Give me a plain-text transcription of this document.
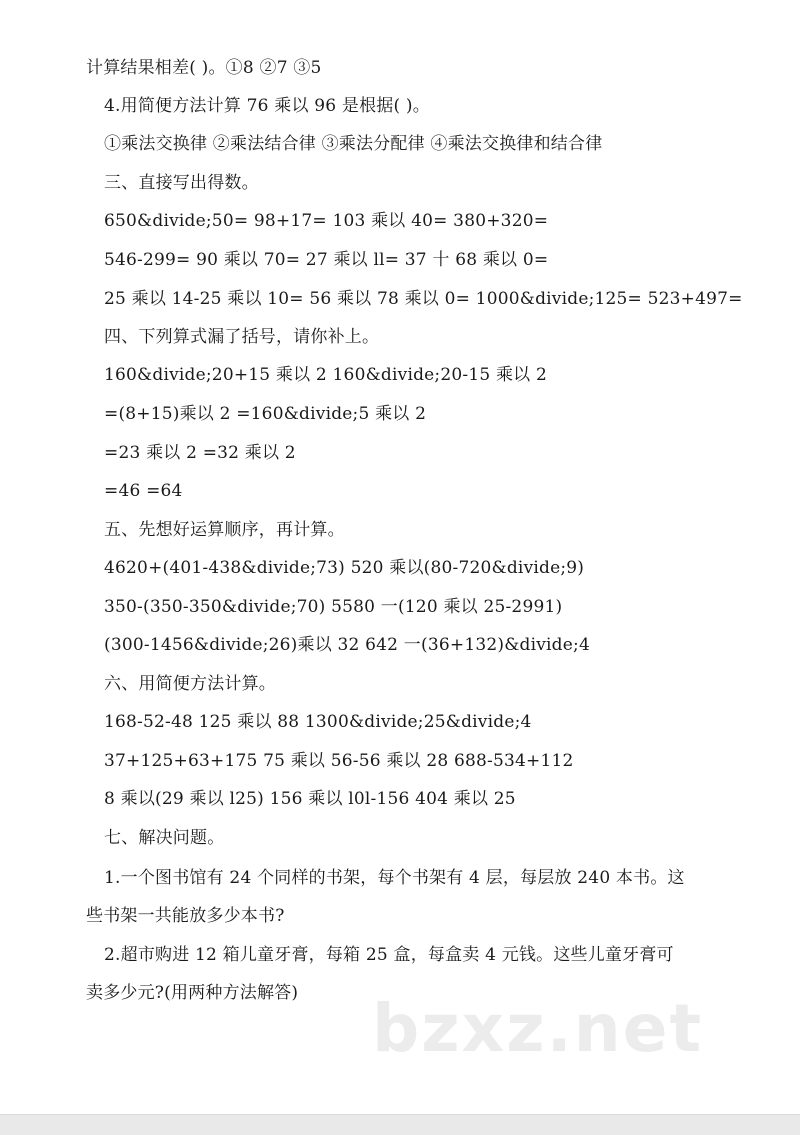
计算结果相差( )。①8 ②7 ③5
4.用简便方法计算 76 乘以 96 是根据( )。
①乘法交换律 ②乘法结合律 ③乘法分配律 ④乘法交换律和结合律
三、直接写出得数。
650&divide;50= 98+17= 103 乘以 40= 380+320=
546-299= 90 乘以 70= 27 乘以 ll= 37 十 68 乘以 0=
25 乘以 14-25 乘以 10= 56 乘以 78 乘以 0= 1000&divide;125= 523+497=
四、下列算式漏了括号，请你补上。
160&divide;20+15 乘以 2 160&divide;20-15 乘以 2
=(8+15)乘以 2 =160&divide;5 乘以 2
=23 乘以 2 =32 乘以 2
=46 =64
五、先想好运算顺序，再计算。
4620+(401-438&divide;73) 520 乘以(80-720&divide;9)
350-(350-350&divide;70) 5580 一(120 乘以 25-2991)
(300-1456&divide;26)乘以 32 642 一(36+132)&divide;4
六、用简便方法计算。
168-52-48 125 乘以 88 1300&divide;25&divide;4
37+125+63+175 75 乘以 56-56 乘以 28 688-534+112
8 乘以(29 乘以 l25) 156 乘以 l0l-156 404 乘以 25
七、解决问题。
1.一个图书馆有 24 个同样的书架，每个书架有 4 层，每层放 240 本书。这
些书架一共能放多少本书?
2.超市购进 12 箱儿童牙膏，每箱 25 盒，每盒卖 4 元钱。这些儿童牙膏可
卖多少元?(用两种方法解答) bzxz.net
